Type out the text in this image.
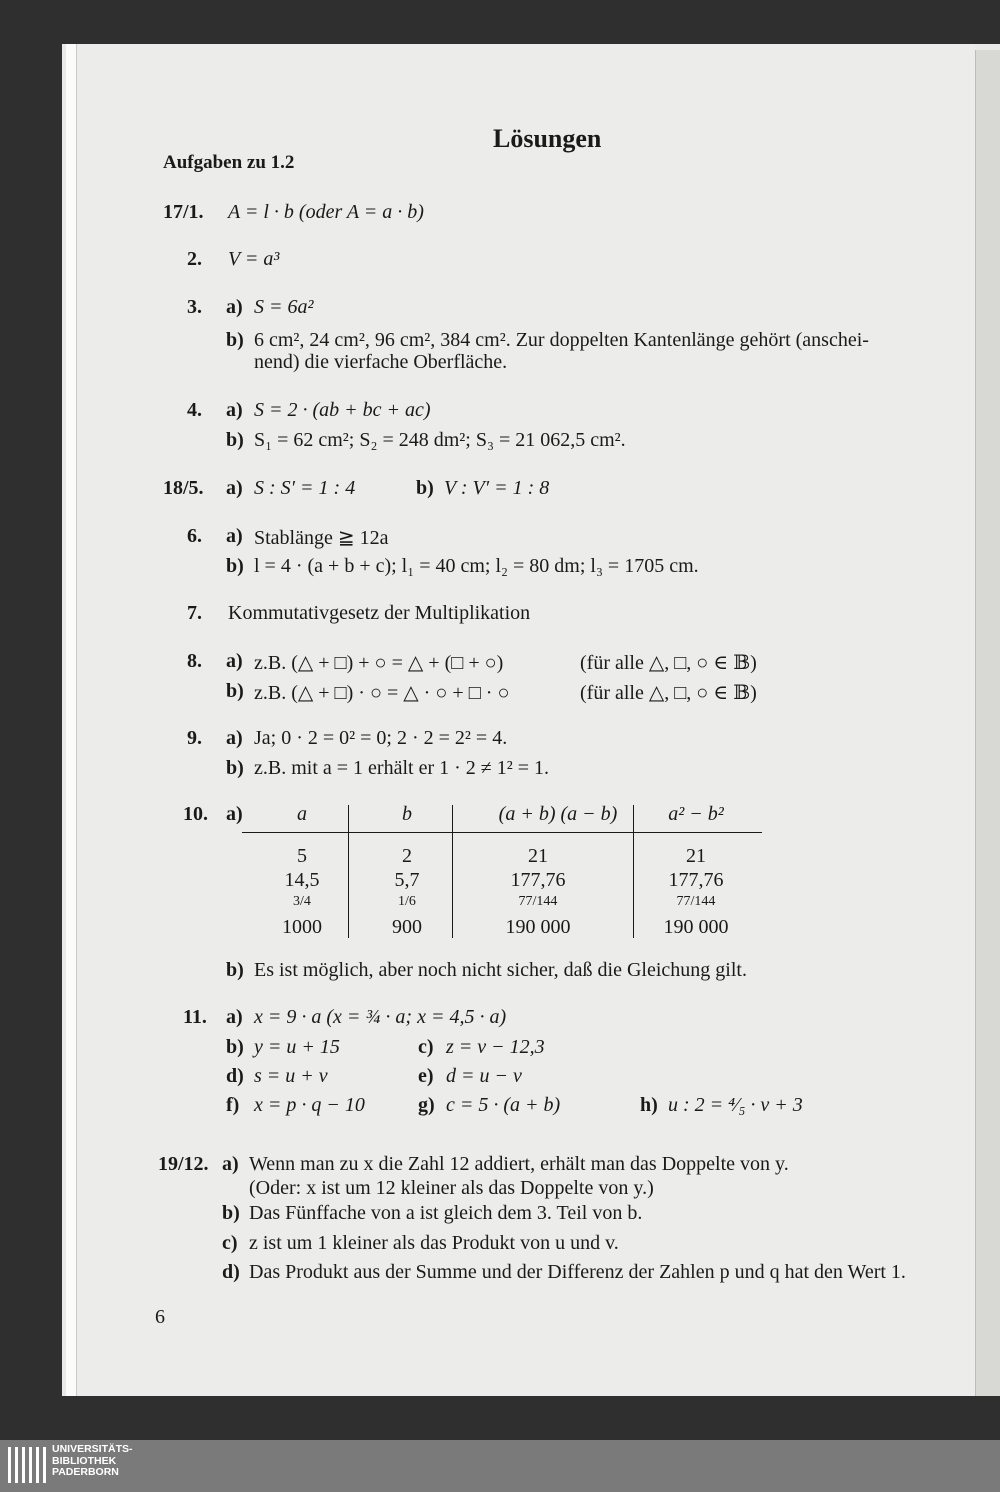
Lösungen
Aufgaben zu 1.2
17/1. A = l · b (oder A = a · b)
2. V = a³
3. a) S = 6a²
b) 6 cm², 24 cm², 96 cm², 384 cm². Zur doppelten Kantenlänge gehört (anschei-
nend) die vierfache Oberfläche.
4. a) S = 2 · (ab + bc + ac)
b) S₁ = 62 cm²; S₂ = 248 dm²; S₃ = 21 062,5 cm².
18/5. a) S : S′ = 1 : 4	b) V : V′ = 1 : 8
6. a) Stablänge ≧ 12a
b) l = 4 · (a + b + c); l₁ = 40 cm; l₂ = 80 dm; l₃ = 1705 cm.
7. Kommutativgesetz der Multiplikation
8. a) z.B. (△ + □) + ○ = △ + (□ + ○)	(für alle △, □, ○ ∈ 𝔹)
b) z.B. (△ + □) · ○ = △ · ○ + □ · ○	(für alle △, □, ○ ∈ 𝔹)
9. a) Ja; 0 · 2 = 0² = 0; 2 · 2 = 2² = 4.
b) z.B. mit a = 1 erhält er 1 · 2 ≠ 1² = 1.
10. a)	a	b	(a + b) (a − b)	a² − b²
5	2	21	21
14,5	5,7	177,76	177,76
3/4	1/6	77/144	77/144
1000	900	190 000	190 000
b) Es ist möglich, aber noch nicht sicher, daß die Gleichung gilt.
11. a) x = 9 · a (x = ¾ · a; x = 4,5 · a)
b) y = u + 15	c) z = v − 12,3
d) s = u + v	e) d = u − v
f) x = p · q − 10	g) c = 5 · (a + b)	h) u : 2 = ⁴⁄₅ · v + 3
19/12. a) Wenn man zu x die Zahl 12 addiert, erhält man das Doppelte von y.
(Oder: x ist um 12 kleiner als das Doppelte von y.)
b) Das Fünffache von a ist gleich dem 3. Teil von b.
c) z ist um 1 kleiner als das Produkt von u und v.
d) Das Produkt aus der Summe und der Differenz der Zahlen p und q hat den Wert 1.
6
UNIVERSITÄTS-
BIBLIOTHEK
PADERBORN
